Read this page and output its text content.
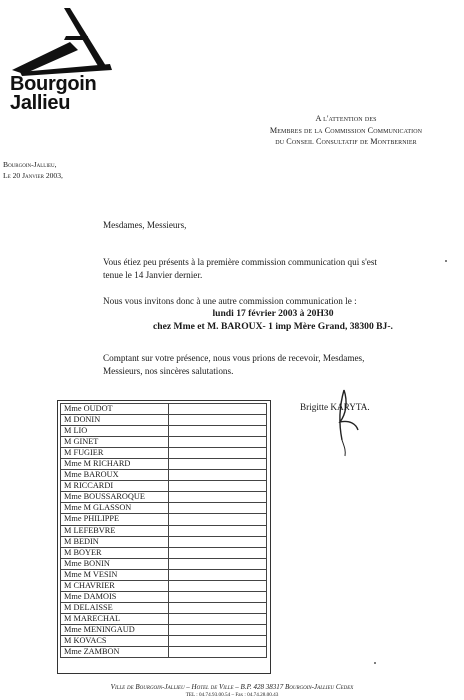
Bourgoin
Jallieu
A l'attention des
Membres de la Commission Communication
du Conseil Consultatif de Montbernier
Bourgoin-Jallieu,
Le 20 Janvier 2003,
Mesdames, Messieurs,
Vous étiez peu présents à la première commission communication qui s'est
tenue le 14 Janvier dernier.
Nous vous invitons donc à une autre commission communication le :
lundi 17 février 2003 à 20H30
chez Mme et M. BAROUX- 1 imp Mère Grand, 38300 BJ-.
Comptant sur votre présence, nous vous prions de recevoir, Mesdames,
Messieurs, nos sincères salutations.
Brigitte KARYTA.
Mme OUDOT	
M DONIN	
M LIO	
M GINET	
M FUGIER	
Mme M RICHARD	
Mme BAROUX	
M RICCARDI	
Mme BOUSSAROQUE	
Mme M GLASSON	
Mme PHILIPPE	
M LEFEBVRE	
M BEDIN	
M BOYER	
Mme BONIN	
Mme M VESIN	
M CHAVRIER	
Mme DAMOIS	
M DELAISSE	
M MARECHAL	
Mme MENINGAUD	
M KOVACS	
Mme ZAMBON	
Ville de Bourgoin-Jallieu – Hotel de Ville – B.P. 428 38317 Bourgoin-Jallieu Cedex
TEL : 04.74.93.00.54 – Fax : 04.74.28.00.43
